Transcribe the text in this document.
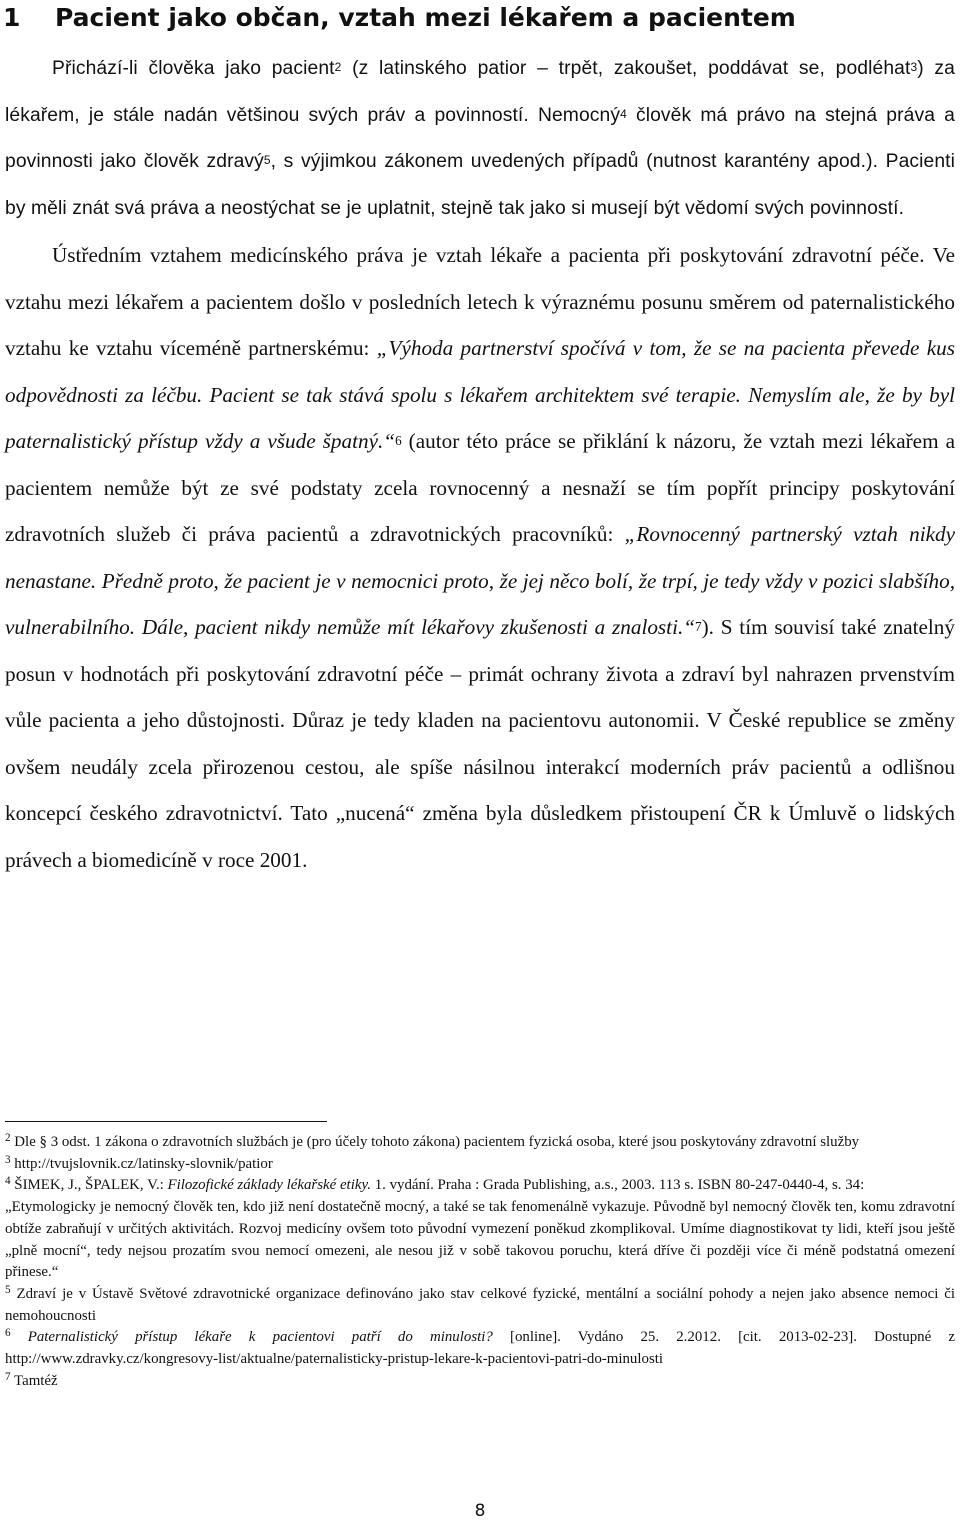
1 Pacient jako občan, vztah mezi lékařem a pacientem

Přichází-li člověka jako pacient$^2$ (z latinského patior – trpět, zakoušet, poddávat se, podléhat$^3$) za lékařem, je stále nadán většinou svých práv a povinností. Nemocný$^4$ člověk má právo na stejná práva a povinnosti jako člověk zdravý$^5$, s výjimkou zákonem uvedených případů (nutnost karantény apod.). Pacienti by měli znát svá práva a neostýchat se je uplatnit, stejně tak jako si musejí být vědomí svých povinností.

Ústředním vztahem medicínského práva je vztah lékaře a pacienta při poskytování zdravotní péče. Ve vztahu mezi lékařem a pacientem došlo v posledních letech k výraznému posunu směrem od paternalistického vztahu ke vztahu víceméně partnerskému: „Výhoda partnerství spočívá v tom, že se na pacienta převede kus odpovědnosti za léčbu. Pacient se tak stává spolu s lékařem architektem své terapie. Nemyslím ale, že by byl paternalistický přístup vždy a všude špatný.“$^6$ (autor této práce se přiklání k názoru, že vztah mezi lékařem a pacientem nemůže být ze své podstaty zcela rovnocenný a nesnaží se tím popřít principy poskytování zdravotních služeb či práva pacientů a zdravotnických pracovníků: „Rovnocenný partnerský vztah nikdy nenastane. Předně proto, že pacient je v nemocnici proto, že jej něco bolí, že trpí, je tedy vždy v pozici slabšího, vulnerabilního. Dále, pacient nikdy nemůže mít lékařovy zkušenosti a znalosti.“$^7$). S tím souvisí také znatelný posun v hodnotách při poskytování zdravotní péče – primát ochrany života a zdraví byl nahrazen prvenstvím vůle pacienta a jeho důstojnosti. Důraz je tedy kladen na pacientovu autonomii. V České republice se změny ovšem neudály zcela přirozenou cestou, ale spíše násilnou interakcí moderních práv pacientů a odlišnou koncepcí českého zdravotnictví. Tato „nucená“ změna byla důsledkem přistoupení ČR k Úmluvě o lidských právech a biomedicíně v roce 2001.

$^2$ Dle § 3 odst. 1 zákona o zdravotních službách je (pro účely tohoto zákona) pacientem fyzická osoba, které jsou poskytovány zdravotní služby

$^3$ http://tvujslovnik.cz/latinsky-slovnik/patior

$^4$ ŠIMEK, J., ŠPALEK, V.: Filozofické základy lékařské etiky. 1. vydání. Praha : Grada Publishing, a.s., 2003. 113 s. ISBN 80-247-0440-4, s. 34:
„Etymologicky je nemocný člověk ten, kdo již není dostatečně mocný, a také se tak fenomenálně vykazuje. Původně byl nemocný člověk ten, komu zdravotní obtíže zabraňují v určitých aktivitách. Rozvoj medicíny ovšem toto původní vymezení poněkud zkomplikoval. Umíme diagnostikovat ty lidi, kteří jsou ještě „plně mocní“, tedy nejsou prozatím svou nemocí omezeni, ale nesou již v sobě takovou poruchu, která dříve či později více či méně podstatná omezení přinese.“

$^5$ Zdraví je v Ústavě Světové zdravotnické organizace definováno jako stav celkové fyzické, mentální a sociální pohody a nejen jako absence nemoci či nemohoucnosti

$^6$ Paternalistický přístup lékaře k pacientovi patří do minulosti? [online]. Vydáno 25. 2.2012. [cit. 2013-02-23]. Dostupné z http://www.zdravky.cz/kongresovy-list/aktualne/paternalisticky-pristup-lekare-k-pacientovi-patri-do-minulosti

$^7$ Tamtéž

8
